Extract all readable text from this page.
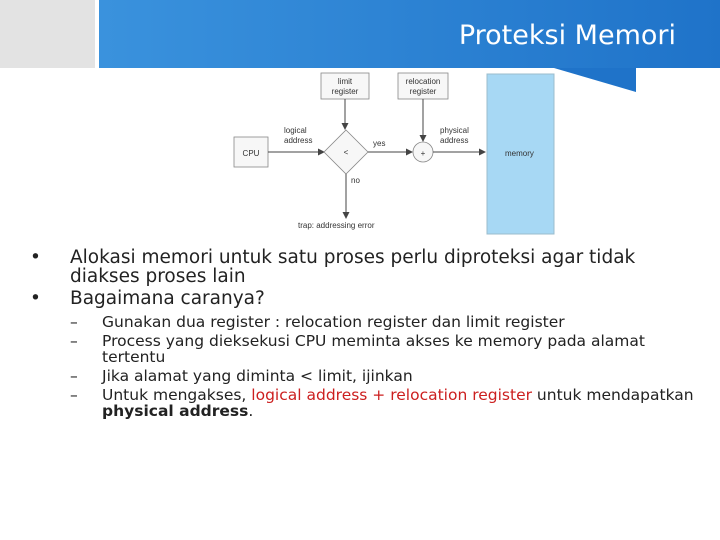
Proteksi Memori
memory
limit
register
relocation
register
CPU
logical
address
<
yes
+
physical
address
no
trap: addressing error
• Alokasi memori untuk satu proses perlu diproteksi agar tidak diakses proses lain
• Bagaimana caranya?
– Gunakan dua register : relocation register dan limit register
– Process yang dieksekusi CPU meminta akses ke memory pada alamat tertentu
– Jika alamat yang diminta < limit, ijinkan
– Untuk mengakses, logical address + relocation register untuk mendapatkan physical address.
